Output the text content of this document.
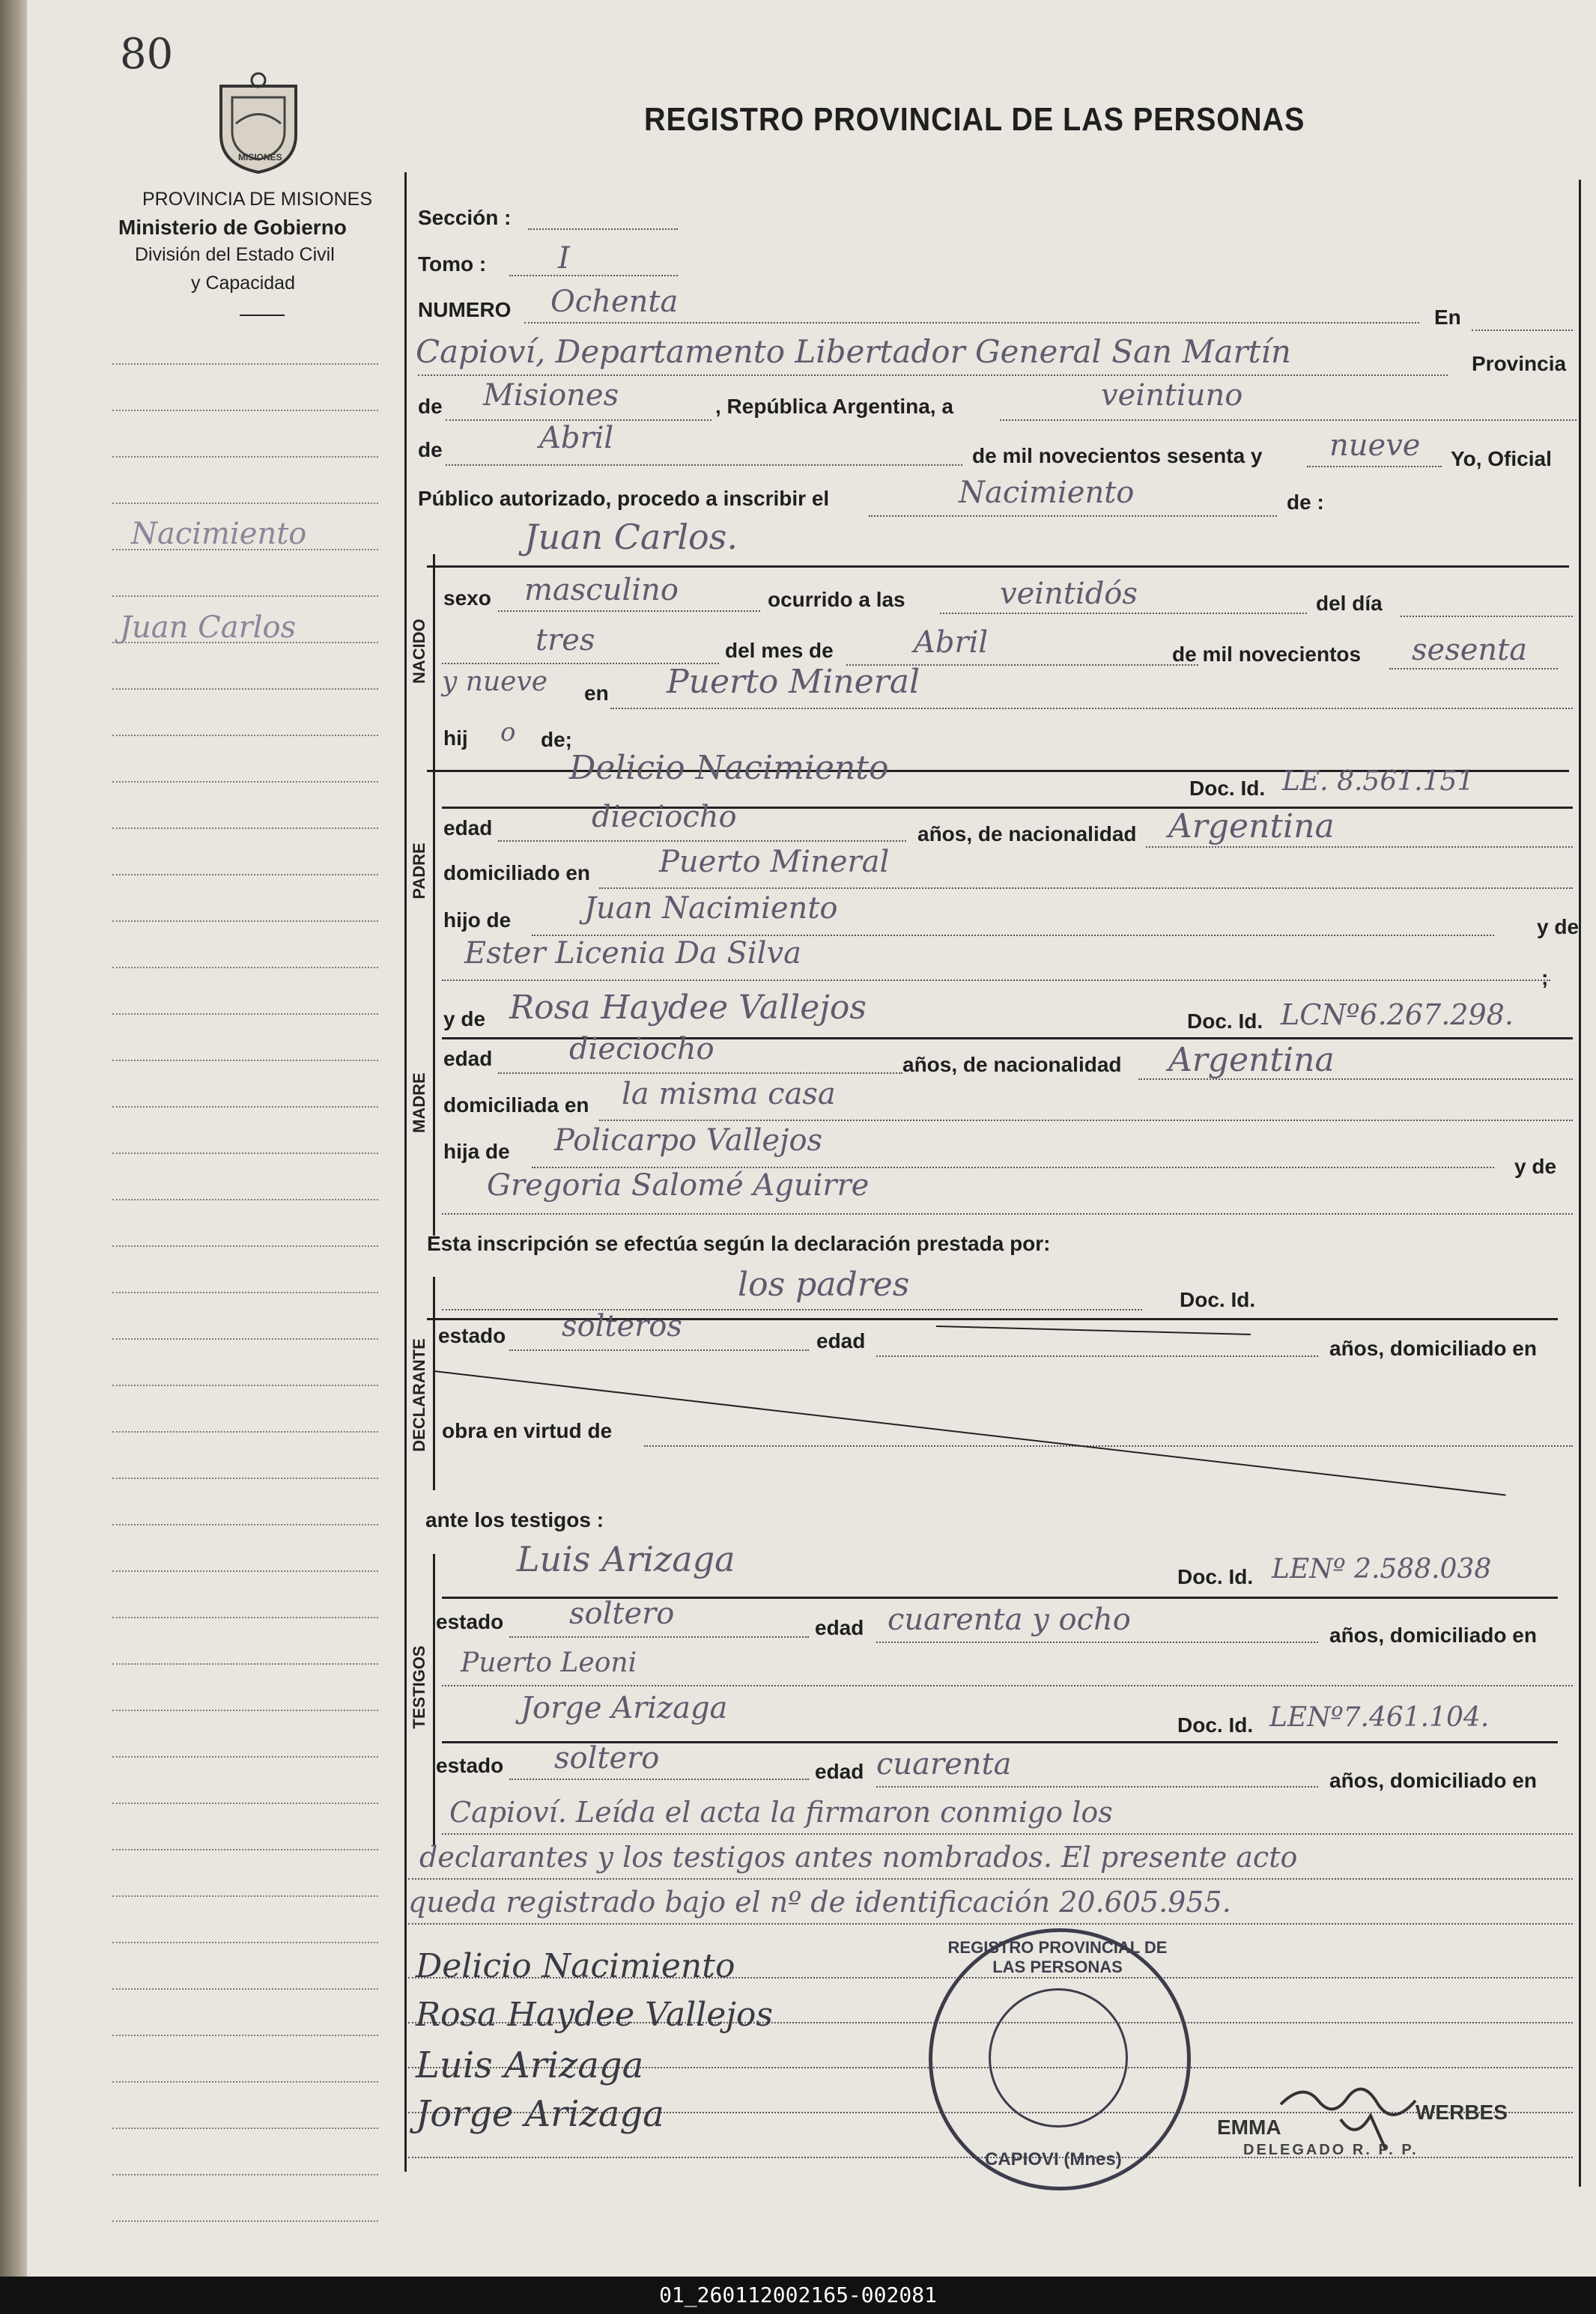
80
MISIONES
REGISTRO PROVINCIAL DE LAS PERSONAS
PROVINCIA DE MISIONES
Ministerio de Gobierno
División del Estado Civil
y Capacidad
Nacimiento
Juan Carlos
Sección :
Tomo : I
NUMERO Ochenta	En
Capioví, Departamento Libertador General San Martín	Provincia
de Misiones	, República Argentina, a	veintiuno
de	Abril
de mil novecientos sesenta y nueve Yo, Oficial
Público autorizado, procedo a inscribir el	Nacimiento	de :
Juan Carlos.
NACIDO
sexo masculino	ocurrido a las	veintidós	del día
tres	del mes de	Abril	de mil novecientos sesenta
y nueve en Puerto Mineral
hij o de;
PADRE
Delicio Nacimiento
Doc. Id. LE. 8.561.151
edad	dieciocho	años, de nacionalidad Argentina
domiciliado en Puerto Mineral
hijo de Juan Nacimiento
y de
Ester Licenia Da Silva
;
MADRE
y de Rosa Haydee Vallejos	Doc. Id. LCNº6.267.298.
edad	dieciocho	años, de nacionalidad Argentina
domiciliada en la misma casa
hija de Policarpo Vallejos
y de
Gregoria Salomé Aguirre
Esta inscripción se efectúa según la declaración prestada por:
los padres	Doc. Id.
DECLARANTE
estado solteros	edad	años, domiciliado en
obra en virtud de
ante los testigos :
TESTIGOS
Luis Arizaga	Doc. Id. LENº 2.588.038
estado soltero	edad cuarenta y ocho	años, domiciliado en
Puerto Leoni
Jorge Arizaga	Doc. Id. LENº7.461.104.
estado soltero	edad cuarenta	años, domiciliado en
Capioví. Leída el acta la firmaron conmigo los
declarantes y los testigos antes nombrados. El presente acto
queda registrado bajo el nº de identificación 20.605.955.
Delicio Nacimiento
Rosa Haydee Vallejos
Luis Arizaga
Jorge Arizaga
REGISTRO PROVINCIAL DE LAS PERSONAS
CAPIOVI (Mnes)
EMMA
WERBES
DELEGADO R. P. P.
01_260112002165-002081
